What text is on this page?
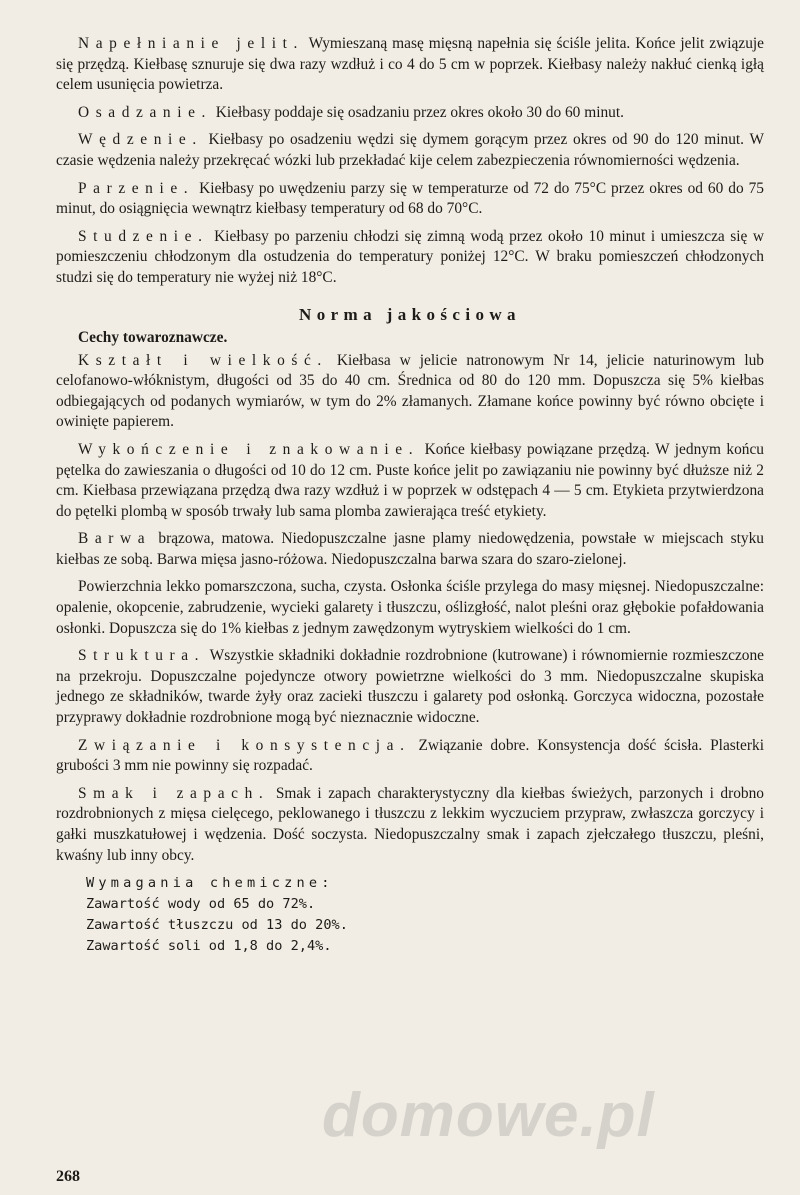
Napełnianie jelit. Wymieszaną masę mięsną napełnia się ściśle jelita. Końce jelit związuje się przędzą. Kiełbasę sznuruje się dwa razy wzdłuż i co 4 do 5 cm w poprzek. Kiełbasy należy nakłuć cienką igłą celem usunięcia powietrza.

Osadzanie. Kiełbasy poddaje się osadzaniu przez okres około 30 do 60 minut.

Wędzenie. Kiełbasy po osadzeniu wędzi się dymem gorącym przez okres od 90 do 120 minut. W czasie wędzenia należy przekręcać wózki lub przekładać kije celem zabezpieczenia równomierności wędzenia.

Parzenie. Kiełbasy po uwędzeniu parzy się w temperaturze od 72 do 75°C przez okres od 60 do 75 minut, do osiągnięcia wewnątrz kiełbasy temperatury od 68 do 70°C.

Studzenie. Kiełbasy po parzeniu chłodzi się zimną wodą przez około 10 minut i umieszcza się w pomieszczeniu chłodzonym dla ostudzenia do temperatury poniżej 12°C. W braku pomieszczeń chłodzonych studzi się do temperatury nie wyżej niż 18°C.

Norma jakościowa
Cechy towaroznawcze.

Kształt i wielkość. Kiełbasa w jelicie natronowym Nr 14, jelicie naturinowym lub celofanowo-włóknistym, długości od 35 do 40 cm. Średnica od 80 do 120 mm. Dopuszcza się 5% kiełbas odbiegających od podanych wymiarów, w tym do 2% złamanych. Złamane końce powinny być równo obcięte i owinięte papierem.

Wykończenie i znakowanie. Końce kiełbasy powiązane przędzą. W jednym końcu pętelka do zawieszania o długości od 10 do 12 cm. Puste końce jelit po zawiązaniu nie powinny być dłuższe niż 2 cm. Kiełbasa przewiązana przędzą dwa razy wzdłuż i w poprzek w odstępach 4 — 5 cm. Etykieta przytwierdzona do pętelki plombą w sposób trwały lub sama plomba zawierająca treść etykiety.

Barwa brązowa, matowa. Niedopuszczalne jasne plamy niedowędzenia, powstałe w miejscach styku kiełbas ze sobą. Barwa mięsa jasno-różowa. Niedopuszczalna barwa szara do szaro-zielonej.

Powierzchnia lekko pomarszczona, sucha, czysta. Osłonka ściśle przylega do masy mięsnej. Niedopuszczalne: opalenie, okopcenie, zabrudzenie, wycieki galarety i tłuszczu, oślizgłość, nalot pleśni oraz głębokie pofałdowania osłonki. Dopuszcza się do 1% kiełbas z jednym zawędzonym wytryskiem wielkości do 1 cm.

Struktura. Wszystkie składniki dokładnie rozdrobnione (kutrowane) i równomiernie rozmieszczone na przekroju. Dopuszczalne pojedyncze otwory powietrzne wielkości do 3 mm. Niedopuszczalne skupiska jednego ze składników, twarde żyły oraz zacieki tłuszczu i galarety pod osłonką. Gorczyca widoczna, pozostałe przyprawy dokładnie rozdrobnione mogą być nieznacznie widoczne.

Związanie i konsystencja. Związanie dobre. Konsystencja dość ścisła. Plasterki grubości 3 mm nie powinny się rozpadać.

Smak i zapach. Smak i zapach charakterystyczny dla kiełbas świeżych, parzonych i drobno rozdrobnionych z mięsa cielęcego, peklowanego i tłuszczu z lekkim wyczuciem przypraw, zwłaszcza gorczycy i gałki muszkatułowej i wędzenia. Dość soczysta. Niedopuszczalny smak i zapach zjełczałego tłuszczu, pleśni, kwaśny lub inny obcy.

Wymagania chemiczne:
Zawartość wody od 65 do 72%.
Zawartość tłuszczu od 13 do 20%.
Zawartość soli od 1,8 do 2,4%.
domowe.pl
268
